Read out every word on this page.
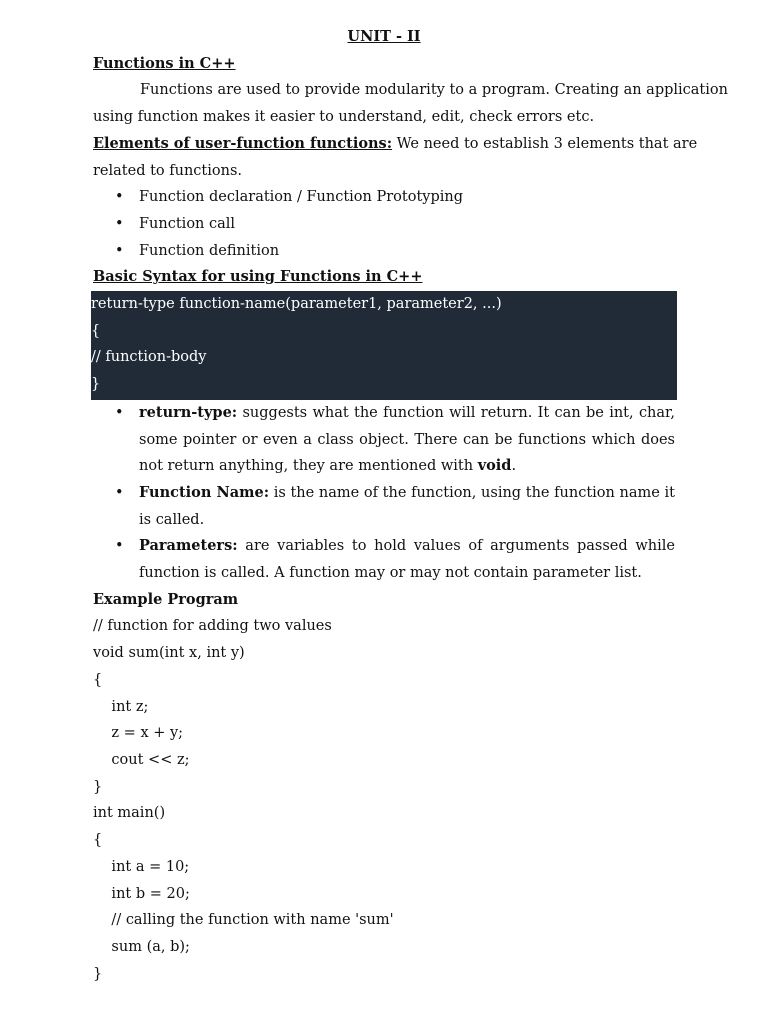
UNIT - II
Functions in C++
Functions are used to provide modularity to a program. Creating an application
using function makes it easier to understand, edit, check errors etc.
Elements of user-function functions: We need to establish 3 elements that are
related to functions.
• Function declaration / Function Prototyping
• Function call
• Function definition
Basic Syntax for using Functions in C++
return-type function-name(parameter1, parameter2, ...)
{
// function-body
}
• return-type: suggests what the function will return. It can be int, char, some pointer or even a class object. There can be functions which does not return anything, they are mentioned with void.
• Function Name: is the name of the function, using the function name it is called.
• Parameters: are variables to hold values of arguments passed while function is called. A function may or may not contain parameter list.
Example Program
// function for adding two values
void sum(int x, int y)
{
int z;
z = x + y;
cout << z;
}
int main()
{
int a = 10;
int b = 20;
// calling the function with name 'sum'
sum (a, b);
}
